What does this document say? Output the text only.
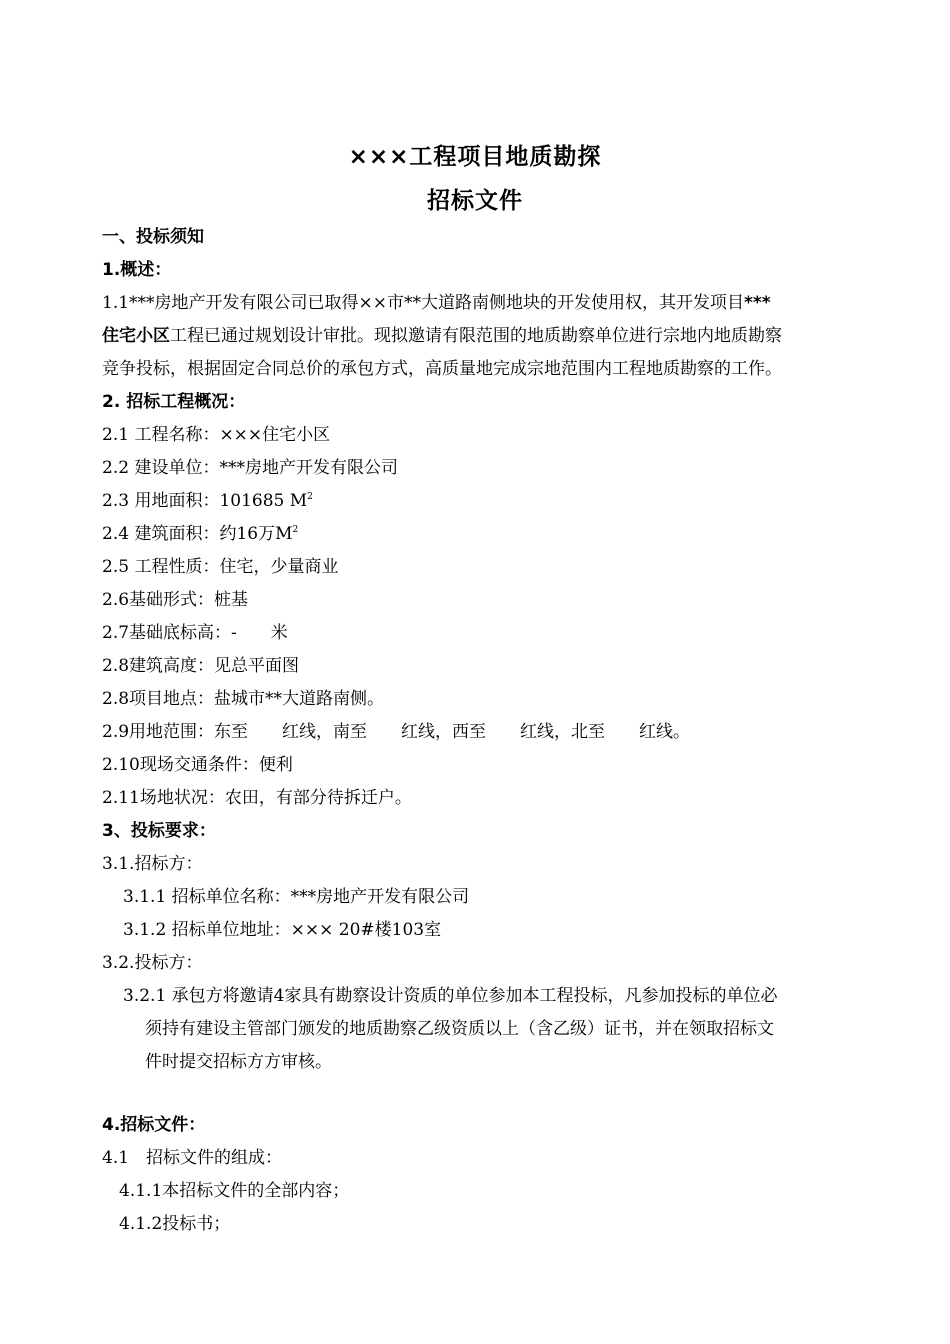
×××工程项目地质勘探
招标文件
一、投标须知
1.概述：
1.1***房地产开发有限公司已取得××市**大道路南侧地块的开发使用权，其开发项目***
住宅小区工程已通过规划设计审批。现拟邀请有限范围的地质勘察单位进行宗地内地质勘察
竞争投标，根据固定合同总价的承包方式，高质量地完成宗地范围内工程地质勘察的工作。
2. 招标工程概况：
2.1 工程名称：×××住宅小区
2.2 建设单位：***房地产开发有限公司
2.3 用地面积：101685 $M^2$
2.4 建筑面积：约16万$M^2$
2.5 工程性质：住宅，少量商业
2.6基础形式：桩基
2.7基础底标高：-　　米
2.8建筑高度：见总平面图
2.8项目地点：盐城市**大道路南侧。
2.9用地范围：东至　　红线，南至　　红线，西至　　红线，北至　　红线。
2.10现场交通条件：便利
2.11场地状况：农田，有部分待拆迁户。
3、投标要求：
3.1.招标方：
3.1.1 招标单位名称：***房地产开发有限公司
3.1.2 招标单位地址：××× 20#楼103室
3.2.投标方：
3.2.1 承包方将邀请4家具有勘察设计资质的单位参加本工程投标，凡参加投标的单位必
须持有建设主管部门颁发的地质勘察乙级资质以上（含乙级）证书，并在领取招标文
件时提交招标方方审核。
4.招标文件：
4.1　招标文件的组成：
4.1.1本招标文件的全部内容；
4.1.2投标书；
